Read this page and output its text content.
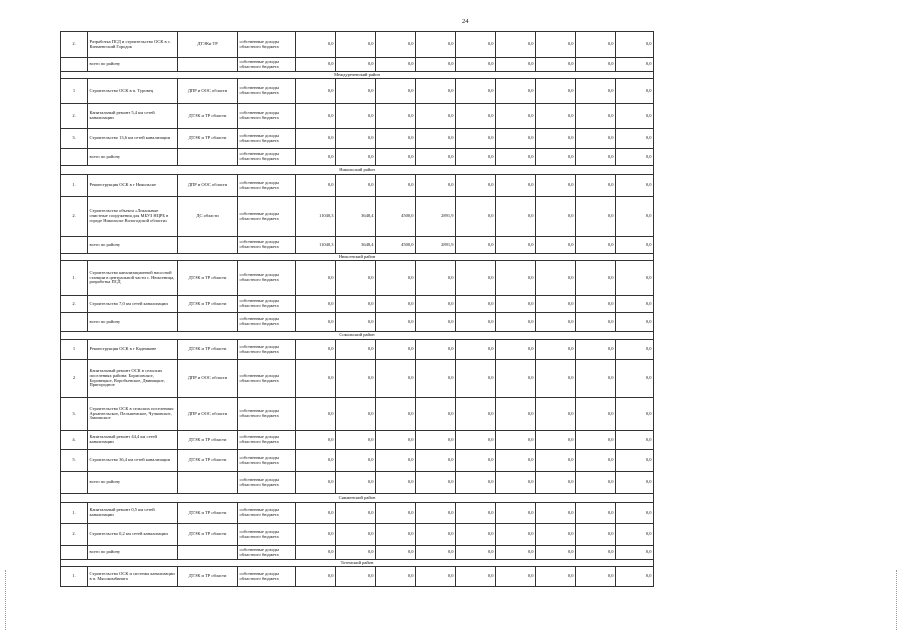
24
2.	Разработка ПСД и строительство ОСК в с. Кичменгский Городок	ДТЭКи ТР	собственные доходы областного бюджета	0,0	0,0	0,0	0,0	0,0	0,0	0,0	0,0	0,0
	всего по району		собственные доходы областного бюджета	0,0	0,0	0,0	0,0	0,0	0,0	0,0	0,0	0,0
Междуреченский район												
1	Строительство ОСК в п. Туровец	ДПР и ООС области	собственные доходы областного бюджета	0,0	0,0	0,0	0,0	0,0	0,0	0,0	0,0	0,0
2.	Капитальный ремонт 5,4 км сетей канализации	ДТЭК и ТР области	собственные доходы областного бюджета	0,0	0,0	0,0	0,0	0,0	0,0	0,0	0,0	0,0
3.	Строительство 13,6 км сетей канализации	ДТЭК и ТР области	собственные доходы областного бюджета	0,0	0,0	0,0	0,0	0,0	0,0	0,0	0,0	0,0
	всего по району		собственные доходы областного бюджета	0,0	0,0	0,0	0,0	0,0	0,0	0,0	0,0	0,0
Никольский район												
1.	Реконструкция ОСК в г Никольске	ДПР и ООС области	собственные доходы областного бюджета	0,0	0,0	0,0	0,0	0,0	0,0	0,0	0,0	0,0
2.	Строительство объекта «Локальные очистные сооружения для МБУЗ НЦРБ в городе Никольске Вологодской области»	ДС области	собственные доходы областного бюджета	11040,3	3648,4	4500,0	2891,9	0,0	0,0	0,0	0,0	0,0
	всего по району		собственные доходы областного бюджета	11040,3	3648,4	4500,0	2891,9	0,0	0,0	0,0	0,0	0,0
Нюксенский район												
1.	Строительство канализационной насосной станции в центральной части с. Нюксеница, разработка ПСД	ДТЭК и ТР области	собственные доходы областного бюджета	0,0	0,0	0,0	0,0	0,0	0,0	0,0	0,0	0,0
2.	Строительство 7,0 км сетей канализации	ДТЭК и ТР области	собственные доходы областного бюджета	0,0	0,0	0,0	0,0	0,0	0,0	0,0	0,0	0,0
	всего по району		собственные доходы областного бюджета	0,0	0,0	0,0	0,0	0,0	0,0	0,0	0,0	0,0
Сокольский район												
1	Реконструкция ОСК в г Кадникове	ДТЭК и ТР области	собственные доходы областного бюджета	0,0	0,0	0,0	0,0	0,0	0,0	0,0	0,0	0,0
2	Капитальный ремонт ОСК в сельских поселениях района: Борисовское, Боровецкое, Воробьевское, Двиницкое, Пригородное	ДПР и ООС области	собственные доходы областного бюджета	0,0	0,0	0,0	0,0	0,0	0,0	0,0	0,0	0,0
3.	Строительство ОСК в сельских поселениях: Архангельское, Пельшемское, Чучковское, Замошское	ДПР и ООС области	собственные доходы областного бюджета	0,0	0,0	0,0	0,0	0,0	0,0	0,0	0,0	0,0
4.	Капитальный ремонт 44,4 км сетей канализации	ДТЭК и ТР области	собственные доходы областного бюджета	0,0	0,0	0,0	0,0	0,0	0,0	0,0	0,0	0,0
5.	Строительство 36,4 км сетей канализации	ДТЭК и ТР области	собственные доходы областного бюджета	0,0	0,0	0,0	0,0	0,0	0,0	0,0	0,0	0,0
	всего по району		собственные доходы областного бюджета	0,0	0,0	0,0	0,0	0,0	0,0	0,0	0,0	0,0
Сямженский район												
1.	Капитальный ремонт 0,5 км сетей канализации	ДТЭК и ТР области	собственные доходы областного бюджета	0,0	0,0	0,0	0,0	0,0	0,0	0,0	0,0	0,0
2.	Строительство 0,2 км сетей канализации	ДТЭК и ТР области	собственные доходы областного бюджета	0,0	0,0	0,0	0,0	0,0	0,0	0,0	0,0	0,0
	всего по району		собственные доходы областного бюджета	0,0	0,0	0,0	0,0	0,0	0,0	0,0	0,0	0,0
Тотемский район												
1.	Строительство ОСК и системы канализации в п. Мясокомбината	ДТЭК и ТР области	собственные доходы областного бюджета	0,0	0,0	0,0	0,0	0,0	0,0	0,0	0,0	0,0
